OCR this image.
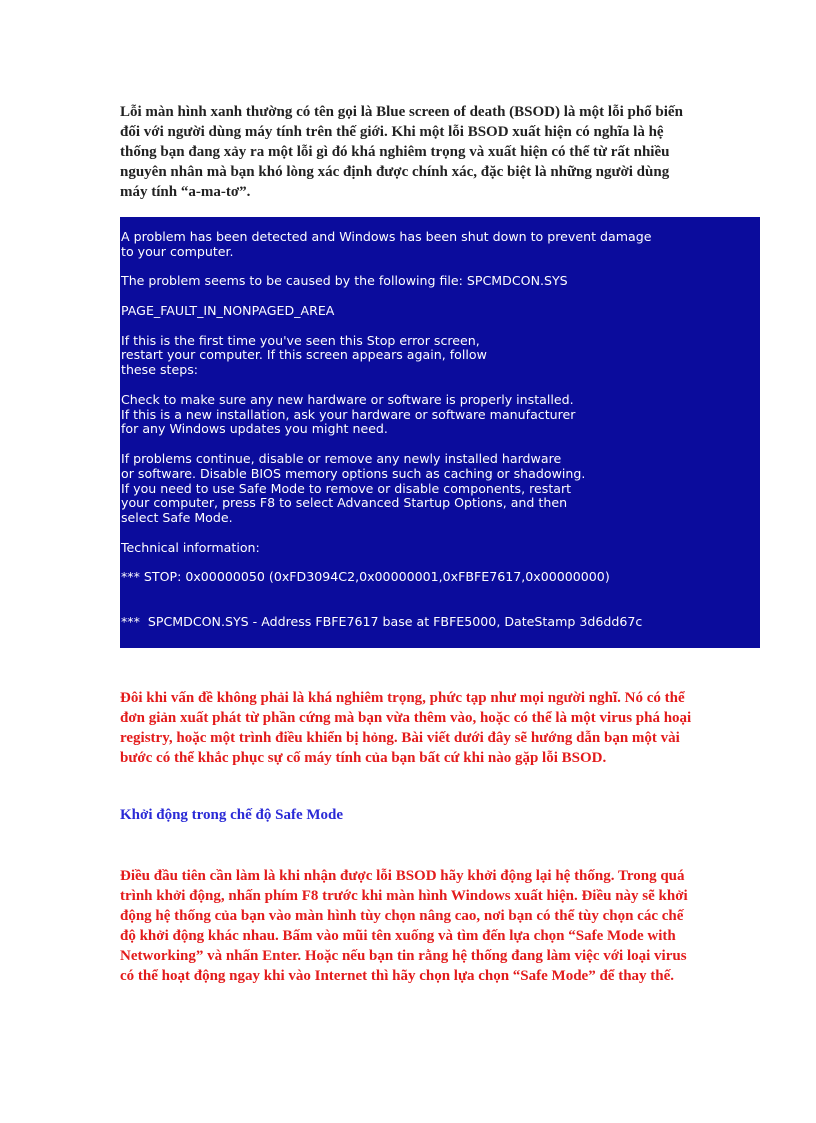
Lỗi màn hình xanh thường có tên gọi là Blue screen of death (BSOD) là một lỗi phổ biến đối với người dùng máy tính trên thế giới. Khi một lỗi BSOD xuất hiện có nghĩa là hệ thống bạn đang xảy ra một lỗi gì đó khá nghiêm trọng và xuất hiện có thể từ rất nhiều nguyên nhân mà bạn khó lòng xác định được chính xác, đặc biệt là những người dùng máy tính “a-ma-tơ”.

A problem has been detected and Windows has been shut down to prevent damage
to your computer.
The problem seems to be caused by the following file: SPCMDCON.SYS
PAGE_FAULT_IN_NONPAGED_AREA
If this is the first time you've seen this Stop error screen,
restart your computer. If this screen appears again, follow
these steps:
Check to make sure any new hardware or software is properly installed.
If this is a new installation, ask your hardware or software manufacturer
for any Windows updates you might need.
If problems continue, disable or remove any newly installed hardware
or software. Disable BIOS memory options such as caching or shadowing.
If you need to use Safe Mode to remove or disable components, restart
your computer, press F8 to select Advanced Startup Options, and then
select Safe Mode.
Technical information:
*** STOP: 0x00000050 (0xFD3094C2,0x00000001,0xFBFE7617,0x00000000)
***  SPCMDCON.SYS - Address FBFE7617 base at FBFE5000, DateStamp 3d6dd67c

Đôi khi vấn đề không phải là khá nghiêm trọng, phức tạp như mọi người nghĩ. Nó có thể đơn giản xuất phát từ phần cứng mà bạn vừa thêm vào, hoặc có thể là một virus phá hoại registry, hoặc một trình điều khiển bị hỏng. Bài viết dưới đây sẽ hướng dẫn bạn một vài bước có thể khắc phục sự cố máy tính của bạn bất cứ khi nào gặp lỗi BSOD.

Khởi động trong chế độ Safe Mode

Điều đầu tiên cần làm là khi nhận được lỗi BSOD hãy khởi động lại hệ thống. Trong quá trình khởi động, nhấn phím F8 trước khi màn hình Windows xuất hiện. Điều này sẽ khởi động hệ thống của bạn vào màn hình tùy chọn nâng cao, nơi bạn có thể tùy chọn các chế độ khởi động khác nhau. Bấm vào mũi tên xuống và tìm đến lựa chọn “Safe Mode with Networking” và nhấn Enter. Hoặc nếu bạn tin rằng hệ thống đang làm việc với loại virus có thể hoạt động ngay khi vào Internet thì hãy chọn lựa chọn “Safe Mode” để thay thế.
